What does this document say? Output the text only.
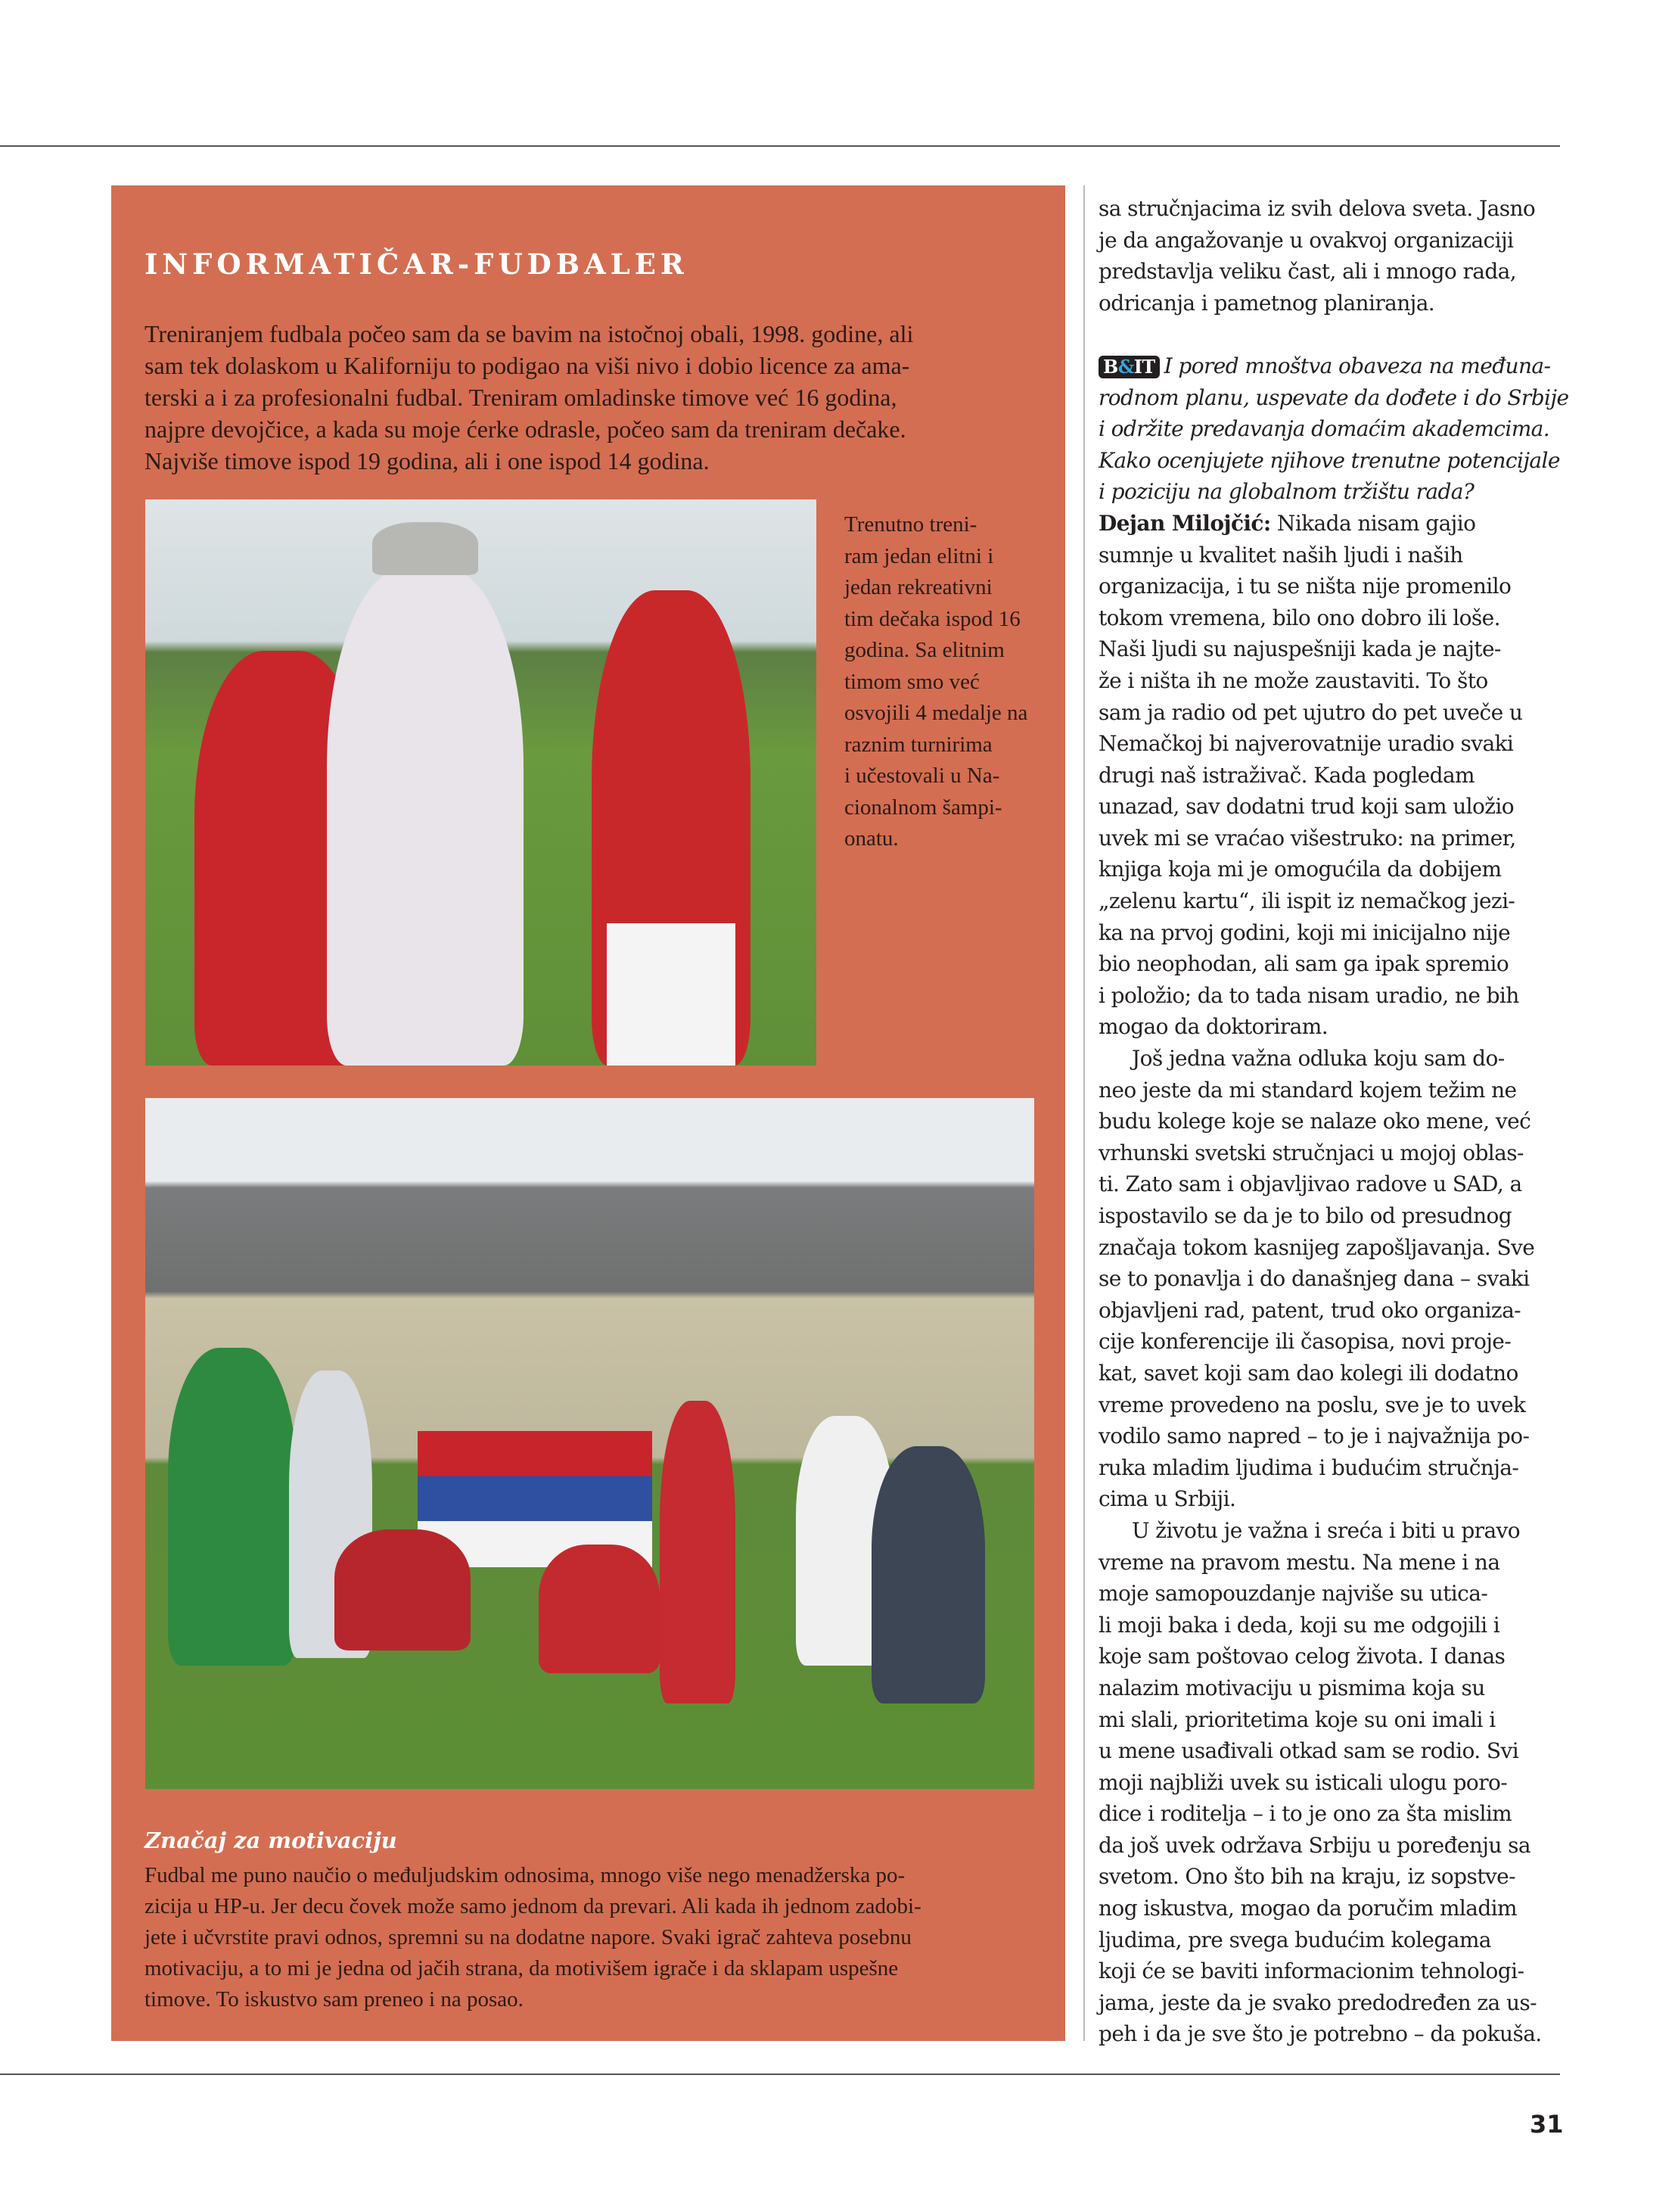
INFORMATIČAR-FUDBALER
Treniranjem fudbala počeo sam da se bavim na istočnoj obali, 1998. godine, ali
sam tek dolaskom u Kaliforniju to podigao na viši nivo i dobio licence za ama-
terski a i za profesionalni fudbal. Treniram omladinske timove već 16 godina,
najpre devojčice, a kada su moje ćerke odrasle, počeo sam da treniram dečake.
Najviše timove ispod 19 godina, ali i one ispod 14 godina.
Trenutno treni-
ram jedan elitni i
jedan rekreativni
tim dečaka ispod 16
godina. Sa elitnim
timom smo već
osvojili 4 medalje na
raznim turnirima
i učestovali u Na-
cionalnom šampi-
onatu.
Značaj za motivaciju
Fudbal me puno naučio o međuljudskim odnosima, mnogo više nego menadžerska po-
zicija u HP-u. Jer decu čovek može samo jednom da prevari. Ali kada ih jednom zadobi-
jete i učvrstite pravi odnos, spremni su na dodatne napore. Svaki igrač zahteva posebnu
motivaciju, a to mi je jedna od jačih strana, da motivišem igrače i da sklapam uspešne
timove. To iskustvo sam preneo i na posao.
sa stručnjacima iz svih delova sveta. Jasno
je da angažovanje u ovakvoj organizaciji
predstavlja veliku čast, ali i mnogo rada,
odricanja i pametnog planiranja.
B&IT I pored mnoštva obaveza na međuna-
rodnom planu, uspevate da dođete i do Srbije
i održite predavanja domaćim akademcima.
Kako ocenjujete njihove trenutne potencijale
i poziciju na globalnom tržištu rada?
Dejan Milojčić: Nikada nisam gajio
sumnje u kvalitet naših ljudi i naših
organizacija, i tu se ništa nije promenilo
tokom vremena, bilo ono dobro ili loše.
Naši ljudi su najuspešniji kada je najte-
že i ništa ih ne može zaustaviti. To što
sam ja radio od pet ujutro do pet uveče u
Nemačkoj bi najverovatnije uradio svaki
drugi naš istraživač. Kada pogledam
unazad, sav dodatni trud koji sam uložio
uvek mi se vraćao višestruko: na primer,
knjiga koja mi je omogućila da dobijem
„zelenu kartu“, ili ispit iz nemačkog jezi-
ka na prvoj godini, koji mi inicijalno nije
bio neophodan, ali sam ga ipak spremio
i položio; da to tada nisam uradio, ne bih
mogao da doktoriram.
Još jedna važna odluka koju sam do-
neo jeste da mi standard kojem težim ne
budu kolege koje se nalaze oko mene, već
vrhunski svetski stručnjaci u mojoj oblas-
ti. Zato sam i objavljivao radove u SAD, a
ispostavilo se da je to bilo od presudnog
značaja tokom kasnijeg zapošljavanja. Sve
se to ponavlja i do današnjeg dana – svaki
objavljeni rad, patent, trud oko organiza-
cije konferencije ili časopisa, novi proje-
kat, savet koji sam dao kolegi ili dodatno
vreme provedeno na poslu, sve je to uvek
vodilo samo napred – to je i najvažnija po-
ruka mladim ljudima i budućim stručnja-
cima u Srbiji.
U životu je važna i sreća i biti u pravo
vreme na pravom mestu. Na mene i na
moje samopouzdanje najviše su utica-
li moji baka i deda, koji su me odgojili i
koje sam poštovao celog života. I danas
nalazim motivaciju u pismima koja su
mi slali, prioritetima koje su oni imali i
u mene usađivali otkad sam se rodio. Svi
moji najbliži uvek su isticali ulogu poro-
dice i roditelja – i to je ono za šta mislim
da još uvek održava Srbiju u poređenju sa
svetom. Ono što bih na kraju, iz sopstve-
nog iskustva, mogao da poručim mladim
ljudima, pre svega budućim kolegama
koji će se baviti informacionim tehnologi-
jama, jeste da je svako predodređen za us-
peh i da je sve što je potrebno – da pokuša.
31
